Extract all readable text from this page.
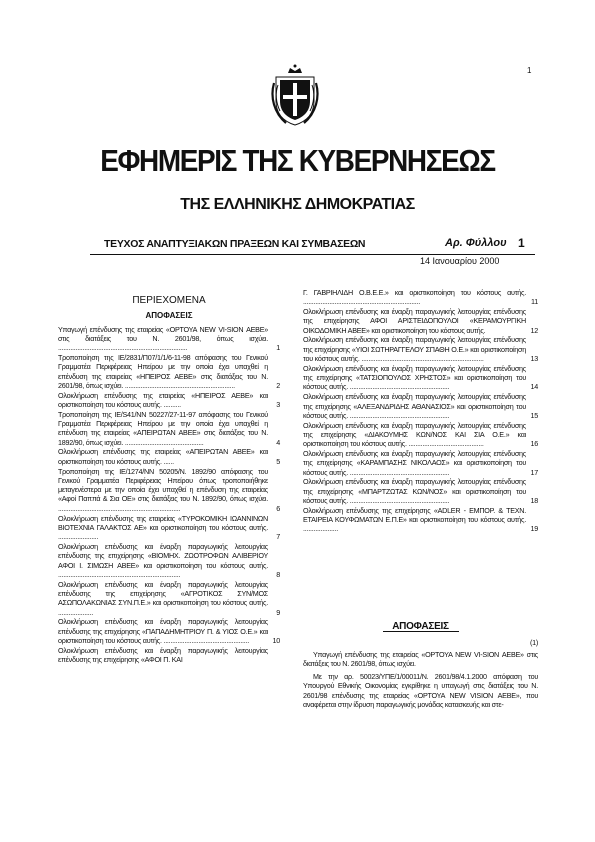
1
ΕΦΗΜΕΡΙΣ ΤΗΣ ΚΥΒΕΡΝΗΣΕΩΣ
ΤΗΣ ΕΛΛΗΝΙΚΗΣ ΔΗΜΟΚΡΑΤΙΑΣ
ΤΕΥΧΟΣ ΑΝΑΠΤΥΞΙΑΚΩΝ ΠΡΑΞΕΩΝ ΚΑΙ ΣΥΜΒΑΣΕΩΝ	Αρ. Φύλλου 1
14 Ιανουαρίου 2000
ΠΕΡΙΕΧΟΜΕΝΑ
ΑΠΟΦΑΣΕΙΣ
Υπαγωγή επένδυσης της εταιρείας «ΟΡΤΟΥΑ ΝΕW VI-SION ΑΕΒΕ» στις διατάξεις του Ν. 2601/98, όπως ισχύει. ..........................................................................	1
Τροποποίηση της ΙΕ/2831/Π07/1/1/6-11-98 απόφασης του Γενικού Γραμματέα Περιφέρειας Ηπείρου με την οποία έχει υπαχθεί η επένδυση της εταιρείας «ΗΠΕΙΡΟΣ ΑΕΒΕ» στις διατάξεις του Ν. 2601/98, όπως ισχύει. ...............................................................	2
Ολοκλήρωση επένδυσης της εταιρείας «ΗΠΕΙΡΟΣ ΑΕΒΕ» και οριστικοποίηση του κόστους αυτής. ..........	3
Τροποποίηση της ΙΕ/S41/ΝΝ 50227/27-11-97 απόφασης του Γενικού Γραμματέα Περιφέρειας Ηπείρου με την οποία έχει υπαχθεί η επένδυση της εταιρείας «ΑΠΕΙΡΩΤΑΝ ΑΒΕΕ» στις διατάξεις του Ν. 1892/90, όπως ισχύει. .............................................	4
Ολοκλήρωση επένδυσης της εταιρείας «ΑΠΕΙΡΩΤΑΝ ΑΒΕΕ» και οριστικοποίηση του κόστους αυτής. ......	5
Τροποποίηση της ΙΕ/1274/ΝΝ 50205/Ν. 1892/90 απόφασης του Γενικού Γραμματέα Περιφέρειας Ηπείρου όπως τροποποιήθηκε μεταγενέστερα με την οποία έχει υπαχθεί η επένδυση της εταιρείας «Αφοί Παππά & Σια ΟΕ» στις διατάξεις του Ν. 1892/90, όπως ισχύει. ......................................................................	6
Ολοκλήρωση επένδυσης της εταιρείας «ΤΥΡΟΚΟΜΙΚΗ ΙΩΑΝΝΙΝΩΝ ΒΙΟΤΕΧΝΙΑ ΓΑΛΑΚΤΟΣ ΑΕ» και οριστικοποίηση του κόστους αυτής. .......................	7
Ολοκλήρωση επένδυσης και έναρξη παραγωγικής λειτουργίας επένδυσης της επιχείρησης «ΒΙΟΜΗΧ. ΖΩΟΤΡΟΦΩΝ ΑΛΙΒΕΡΙΟΥ ΑΦΟΙ Ι. ΣΙΜΩΣΗ ΑΒΕΕ» και οριστικοποίηση του κόστους αυτής. ......................................................................	8
Ολοκλήρωση επένδυσης και έναρξη παραγωγικής λειτουργίας επένδυσης της επιχείρησης «ΑΓΡΟΤΙΚΟΣ ΣΥΝ/ΜΟΣ ΑΣΩΠΟΛΑΚΩΝΙΑΣ ΣΥΝ.Π.Ε.» και οριστικοποίηση του κόστους αυτής. ....................	9
Ολοκλήρωση επένδυσης και έναρξη παραγωγικής λειτουργίας επένδυσης της επιχείρησης «ΠΑΠΑΔΗΜΗΤΡΙΟΥ Π. & ΥΙΟΣ Ο.Ε.» και οριστικοποίηση του κόστους αυτής. .................................................	10
Ολοκλήρωση επένδυσης και έναρξη παραγωγικής λειτουργίας επένδυσης της επιχείρησης «ΑΦΟΙ Π. ΚΑΙ
Γ. ΓΑΒΡΙΗΛΙΔΗ Ο.Β.Ε.Ε.» και οριστικοποίηση του κόστους αυτής. ...................................................................	11
Ολοκλήρωση επένδυσης και έναρξη παραγωγικής λειτουργίας επένδυσης της επιχείρησης ΑΦΟΙ ΑΡΙΣΤΕΙΔΟΠΟΥΛΟΙ «ΚΕΡΑΜΟΥΡΓΙΚΗ ΟΙΚΟΔΟΜΙΚΗ ΑΒΕΕ» και οριστικοποίηση του κόστους αυτής.	12
Ολοκλήρωση επένδυσης και έναρξη παραγωγικής λειτουργίας επένδυσης της επιχείρησης «ΥΙΟΙ ΣΩΤΗΡΑΓΓΕΛΟΥ ΣΠΑΘΗ Ο.Ε.» και οριστικοποίηση του κόστους αυτής. ......................................................................	13
Ολοκλήρωση επένδυσης και έναρξη παραγωγικής λειτουργίας επένδυσης της επιχείρησης «ΤΑΤΣΙΟΠΟΥΛΟΣ ΧΡΗΣΤΟΣ» και οριστικοποίηση του κόστους αυτής. .........................................................	14
Ολοκλήρωση επένδυσης και έναρξη παραγωγικής λειτουργίας επένδυσης της επιχείρησης «ΑΛΕΞΑΝΔΡΙΔΗΣ ΑΘΑΝΑΣΙΟΣ» και οριστικοποίηση του κόστους αυτής. .........................................................	15
Ολοκλήρωση επένδυσης και έναρξη παραγωγικής λειτουργίας επένδυσης της επιχείρησης «ΔΙΑΚΟΥΜΗΣ ΚΩΝ/ΝΟΣ ΚΑΙ ΣΙΑ Ο.Ε.» και οριστικοποίηση του κόστους αυτής. ...........................................	16
Ολοκλήρωση επένδυσης και έναρξη παραγωγικής λειτουργίας επένδυσης της επιχείρησης «ΚΑΡΑΜΠΑΣΗΣ ΝΙΚΟΛΑΟΣ» και οριστικοποίηση του κόστους αυτής. .........................................................	17
Ολοκλήρωση επένδυσης και έναρξη παραγωγικής λειτουργίας επένδυσης της επιχείρησης «ΜΠΑΡΤΖΩΤΑΣ ΚΩΝ/ΝΟΣ» και οριστικοποίηση του κόστους αυτής. .........................................................	18
Ολοκλήρωση επένδυσης της επιχείρησης «ADLER - ΕΜΠΟΡ. & ΤΕΧΝ. ΕΤΑΙΡΕΙΑ ΚΟΥΦΩΜΑΤΩΝ Ε.Π.Ε» και οριστικοποίηση του κόστους αυτής. ....................	19
ΑΠΟΦΑΣΕΙΣ
(1)
Υπαγωγή επένδυσης της εταιρείας «ΟΡΤΟΥΑ ΝΕW VI-SION ΑΕΒΕ» στις διατάξεις του Ν. 2601/98, όπως ισχύει.
Με την αρ. 50023/ΥΠΕ/1/00011/Ν. 2601/98/4.1.2000 απόφαση του Υπουργού Εθνικής Οικονομίας εγκρίθηκε η υπαγωγή στις διατάξεις του Ν. 2601/98 επένδυσης της εταιρείας «ΟΡΤΟΥΑ ΝΕW VISION ΑΕΒΕ», που αναφέρεται στην ίδρυση παραγωγικής μονάδας κατασκευής και στε-
